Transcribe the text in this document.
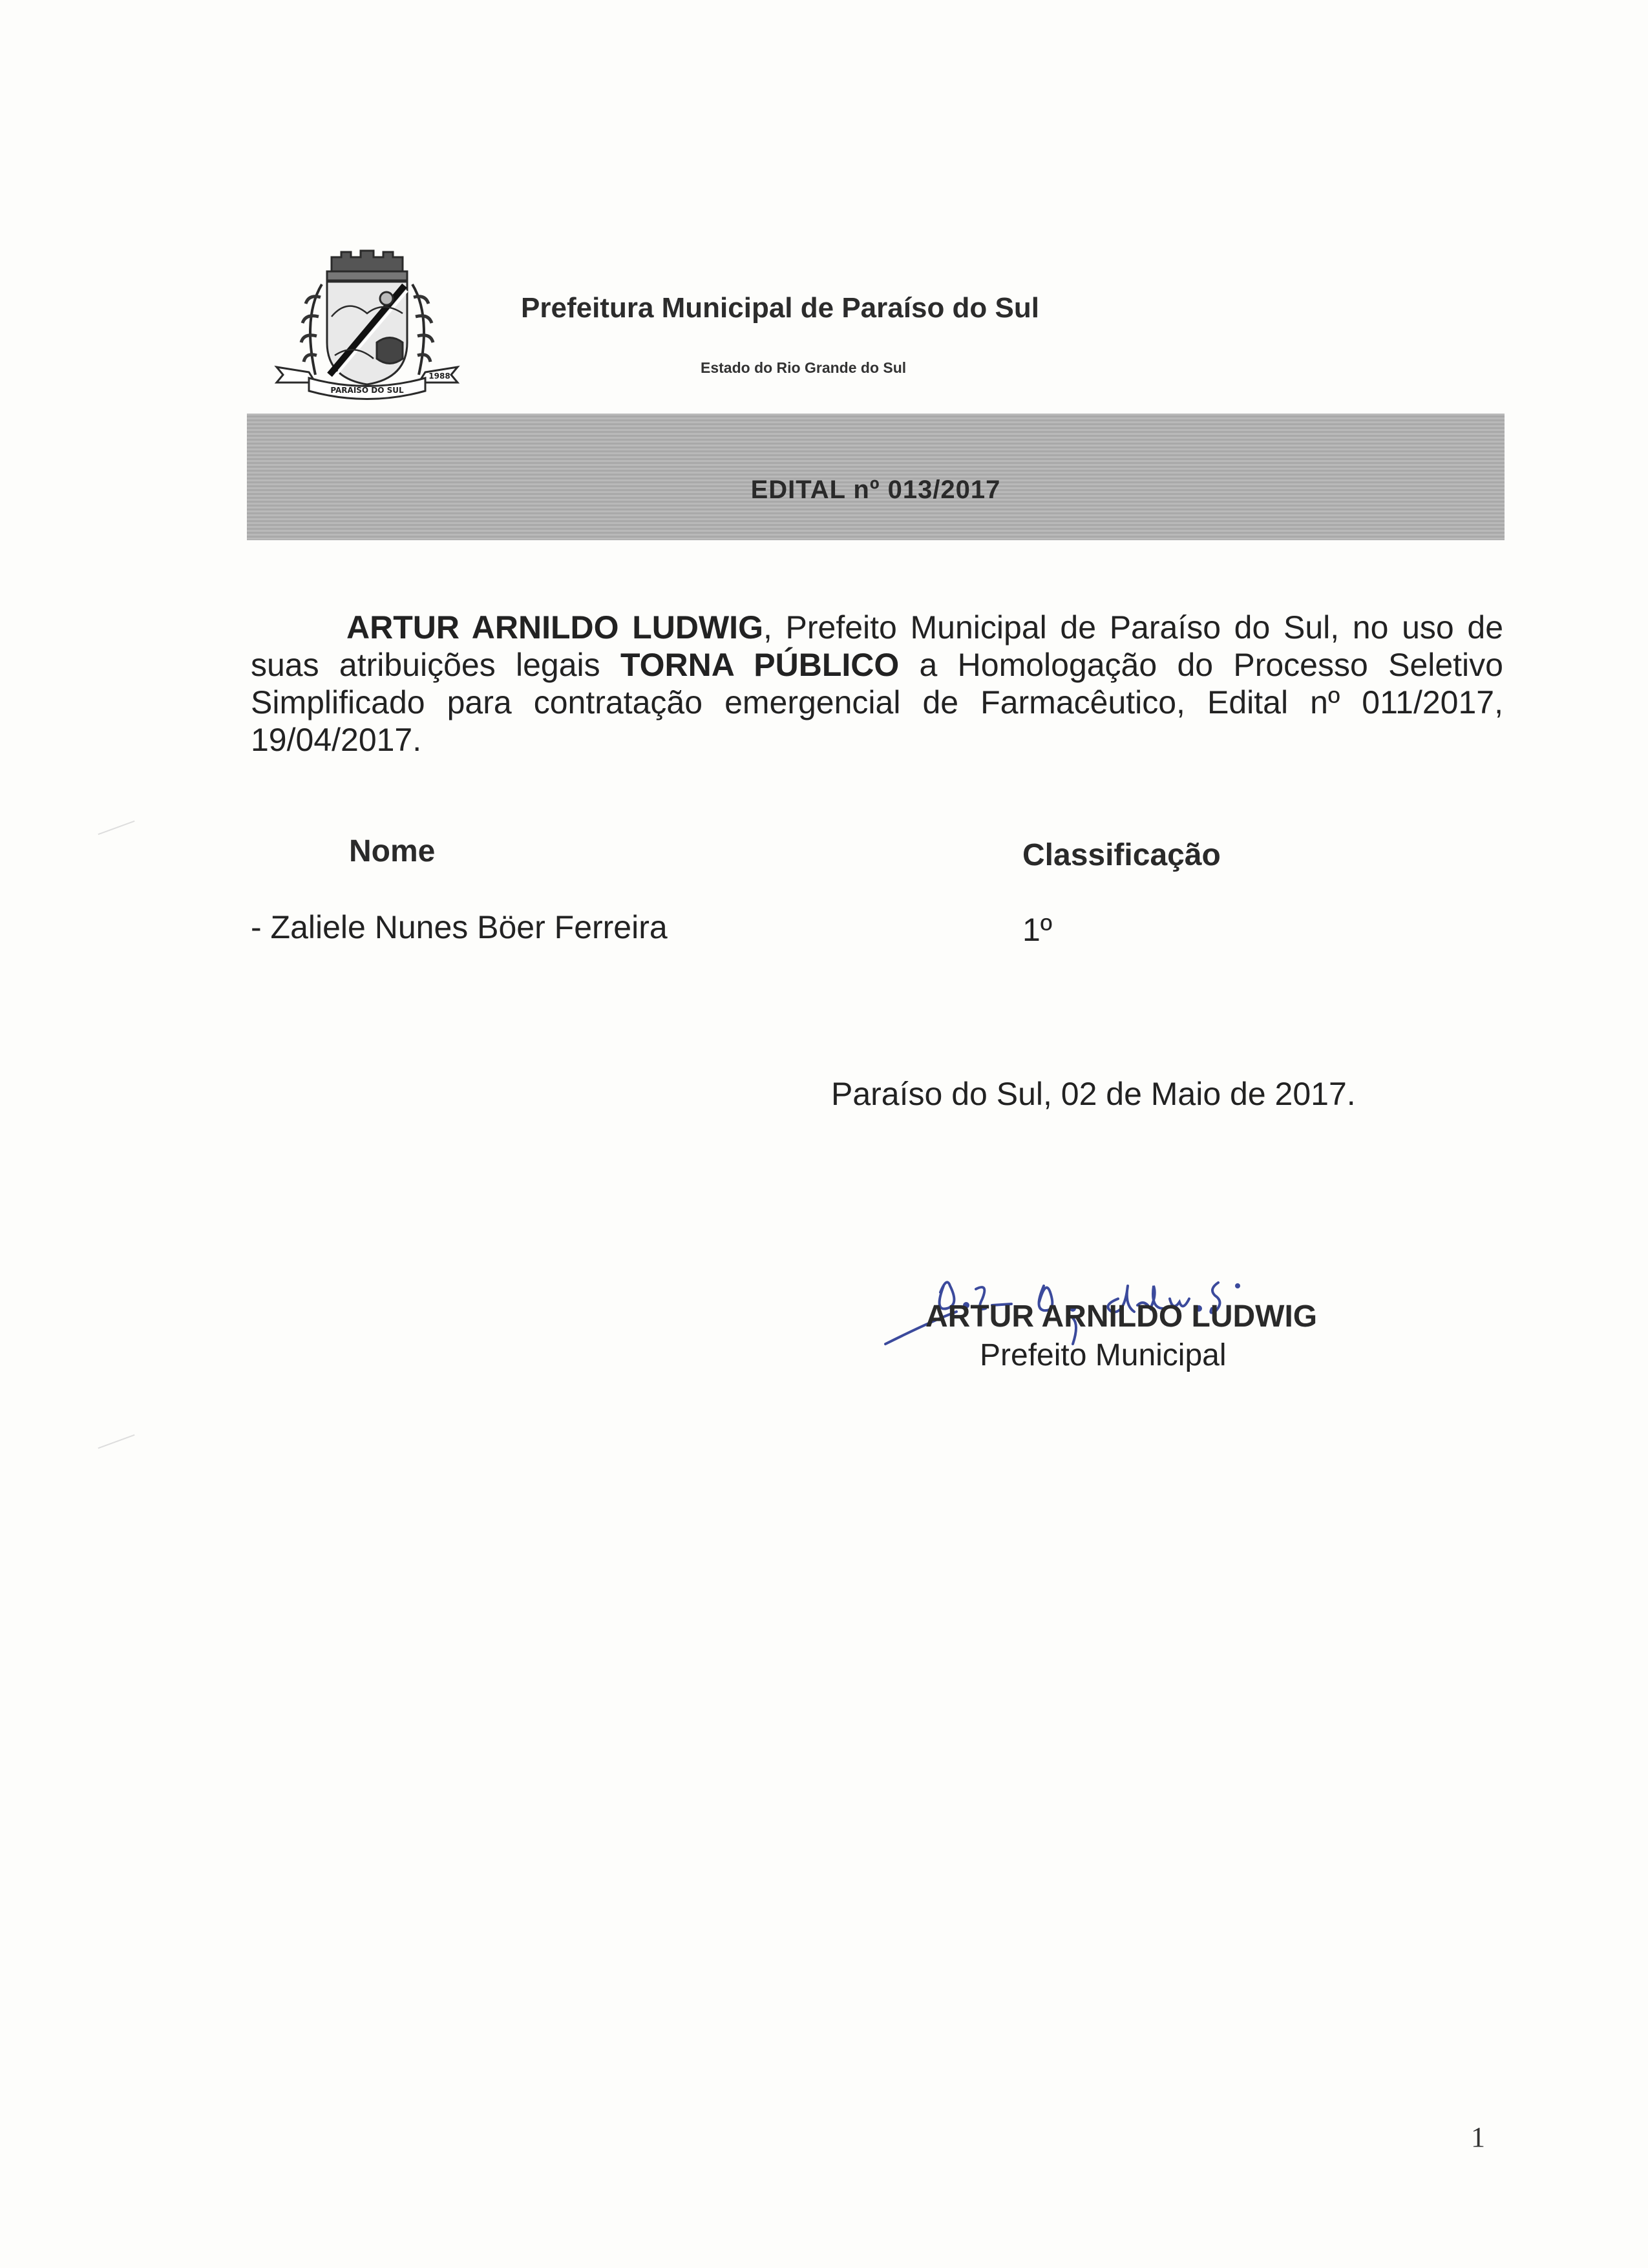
PARAÍSO DO SUL
1988
Prefeitura Municipal de Paraíso do Sul
Estado do Rio Grande do Sul
EDITAL nº 013/2017
ARTUR ARNILDO LUDWIG, Prefeito Municipal de Paraíso do Sul, no uso de suas atribuições legais TORNA PÚBLICO a Homologação do Processo Seletivo Simplificado para contratação emergencial de Farmacêutico, Edital nº 011/2017, 19/04/2017.
Nome	Classificação
- Zaliele Nunes Böer Ferreira	1º
Paraíso do Sul, 02 de Maio de 2017.
ARTUR ARNILDO LUDWIG
Prefeito Municipal
1
